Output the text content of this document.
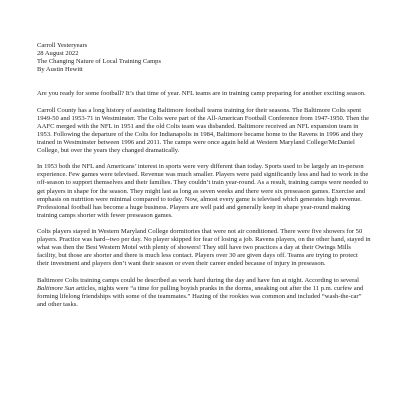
Carroll Yesteryears
28 August 2022
The Changing Nature of Local Training Camps
By Austin Hewitt

Are you ready for some football? It’s that time of year. NFL teams are in training camp preparing for another exciting season.

Carroll County has a long history of assisting Baltimore football teams training for their seasons. The Baltimore Colts spent 1949-50 and 1953-71 in Westminster. The Colts were part of the All-American Football Conference from 1947-1950. Then the AAFC merged with the NFL in 1951 and the old Colts team was disbanded. Baltimore received an NFL expansion team in 1953. Following the departure of the Colts for Indianapolis in 1984, Baltimore became home to the Ravens in 1996 and they trained in Westminster between 1996 and 2011. The camps were once again held at Western Maryland College/McDaniel College, but over the years they changed dramatically.

In 1953 both the NFL and Americans’ interest in sports were very different than today. Sports used to be largely an in-person experience. Few games were televised. Revenue was much smaller. Players were paid significantly less and had to work in the off-season to support themselves and their families. They couldn’t train year-round. As a result, training camps were needed to get players in shape for the season. They might last as long as seven weeks and there were six preseason games. Exercise and emphasis on nutrition were minimal compared to today. Now, almost every game is televised which generates high revenue. Professional football has become a huge business. Players are well paid and generally keep in shape year-round making training camps shorter with fewer preseason games.

Colts players stayed in Western Maryland College dormitories that were not air conditioned. There were five showers for 50 players. Practice was hard--two per day. No player skipped for fear of losing a job. Ravens players, on the other hand, stayed in what was then the Best Western Motel with plenty of showers! They still have two practices a day at their Owings Mills facility, but those are shorter and there is much less contact. Players over 30 are given days off. Teams are trying to protect their investment and players don’t want their season or even their career ended because of injury in preseason.

Baltimore Colts training camps could be described as work hard during the day and have fun at night. According to several Baltimore Sun articles, nights were “a time for pulling boyish pranks in the dorms, sneaking out after the 11 p.m. curfew and forming lifelong friendships with some of the teammates.” Hazing of the rookies was common and included “wash-the-car” and other tasks.
